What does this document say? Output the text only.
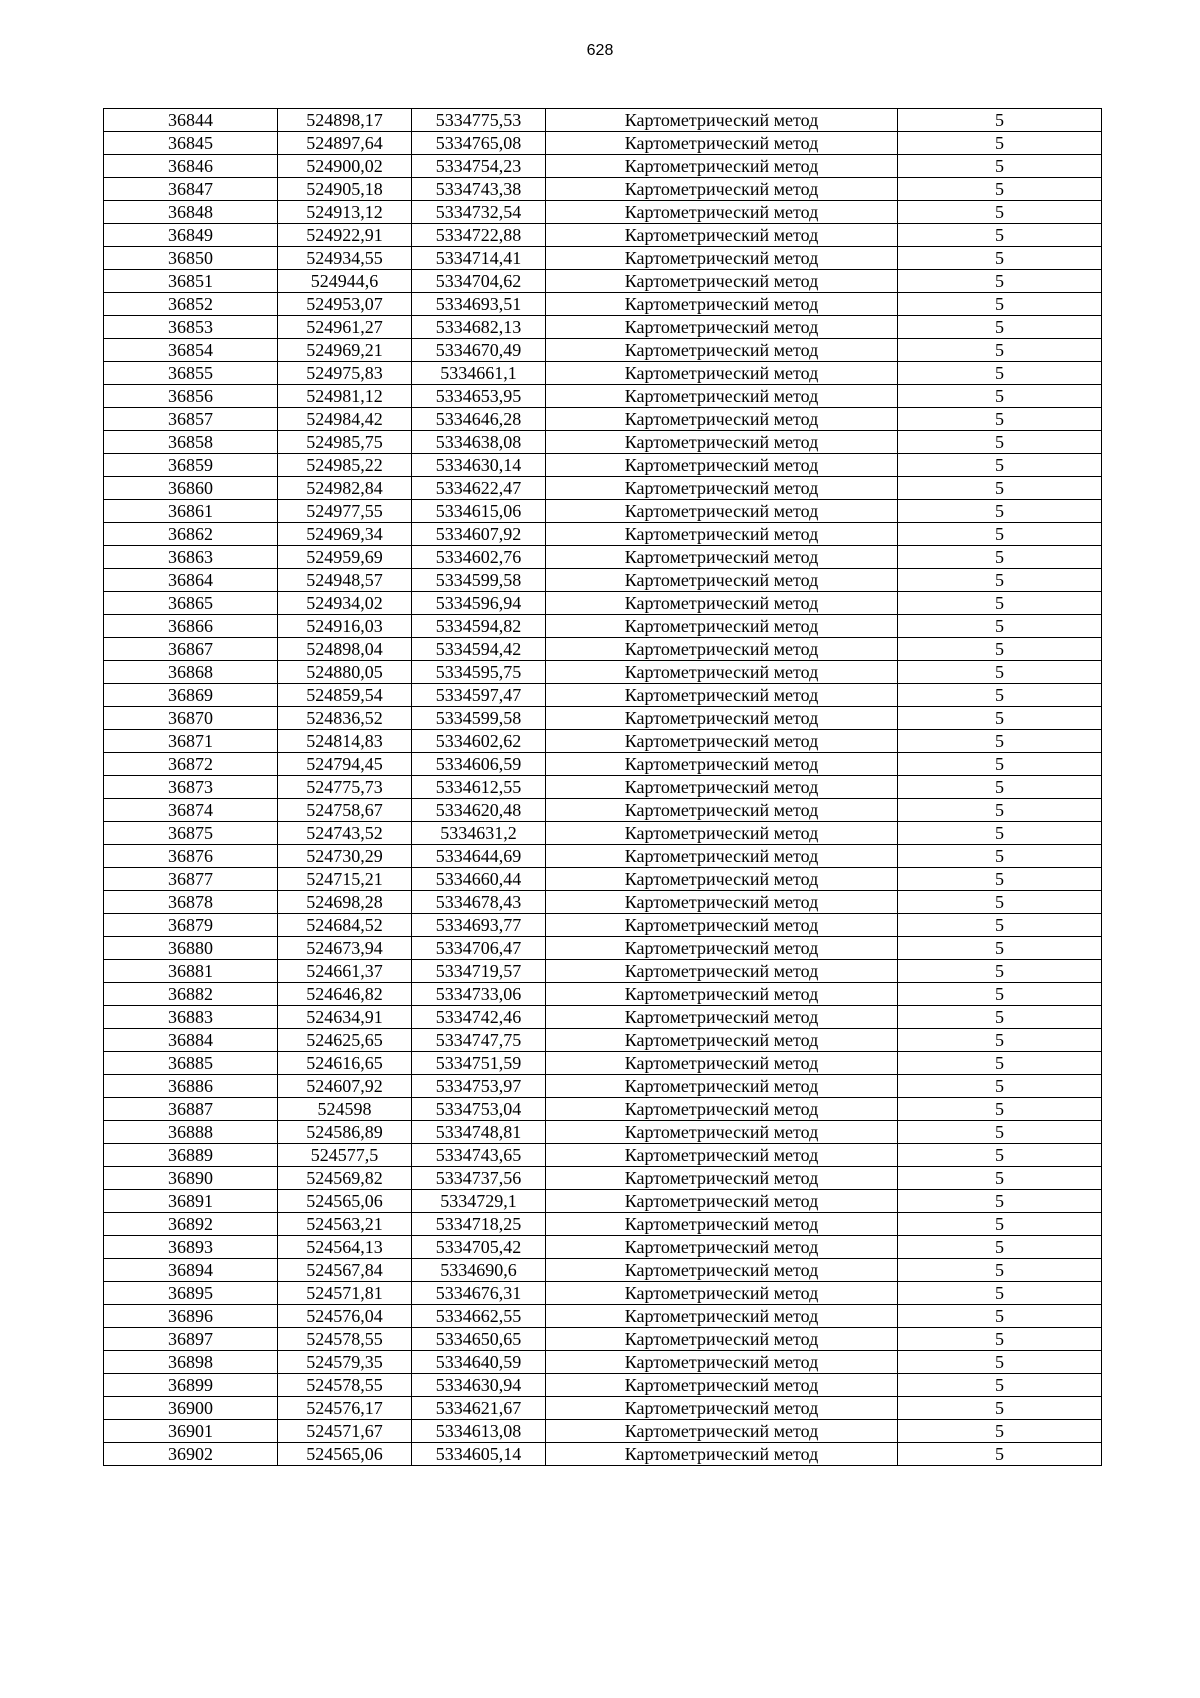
628
36844	524898,17	5334775,53	Картометрический метод	5
36845	524897,64	5334765,08	Картометрический метод	5
36846	524900,02	5334754,23	Картометрический метод	5
36847	524905,18	5334743,38	Картометрический метод	5
36848	524913,12	5334732,54	Картометрический метод	5
36849	524922,91	5334722,88	Картометрический метод	5
36850	524934,55	5334714,41	Картометрический метод	5
36851	524944,6	5334704,62	Картометрический метод	5
36852	524953,07	5334693,51	Картометрический метод	5
36853	524961,27	5334682,13	Картометрический метод	5
36854	524969,21	5334670,49	Картометрический метод	5
36855	524975,83	5334661,1	Картометрический метод	5
36856	524981,12	5334653,95	Картометрический метод	5
36857	524984,42	5334646,28	Картометрический метод	5
36858	524985,75	5334638,08	Картометрический метод	5
36859	524985,22	5334630,14	Картометрический метод	5
36860	524982,84	5334622,47	Картометрический метод	5
36861	524977,55	5334615,06	Картометрический метод	5
36862	524969,34	5334607,92	Картометрический метод	5
36863	524959,69	5334602,76	Картометрический метод	5
36864	524948,57	5334599,58	Картометрический метод	5
36865	524934,02	5334596,94	Картометрический метод	5
36866	524916,03	5334594,82	Картометрический метод	5
36867	524898,04	5334594,42	Картометрический метод	5
36868	524880,05	5334595,75	Картометрический метод	5
36869	524859,54	5334597,47	Картометрический метод	5
36870	524836,52	5334599,58	Картометрический метод	5
36871	524814,83	5334602,62	Картометрический метод	5
36872	524794,45	5334606,59	Картометрический метод	5
36873	524775,73	5334612,55	Картометрический метод	5
36874	524758,67	5334620,48	Картометрический метод	5
36875	524743,52	5334631,2	Картометрический метод	5
36876	524730,29	5334644,69	Картометрический метод	5
36877	524715,21	5334660,44	Картометрический метод	5
36878	524698,28	5334678,43	Картометрический метод	5
36879	524684,52	5334693,77	Картометрический метод	5
36880	524673,94	5334706,47	Картометрический метод	5
36881	524661,37	5334719,57	Картометрический метод	5
36882	524646,82	5334733,06	Картометрический метод	5
36883	524634,91	5334742,46	Картометрический метод	5
36884	524625,65	5334747,75	Картометрический метод	5
36885	524616,65	5334751,59	Картометрический метод	5
36886	524607,92	5334753,97	Картометрический метод	5
36887	524598	5334753,04	Картометрический метод	5
36888	524586,89	5334748,81	Картометрический метод	5
36889	524577,5	5334743,65	Картометрический метод	5
36890	524569,82	5334737,56	Картометрический метод	5
36891	524565,06	5334729,1	Картометрический метод	5
36892	524563,21	5334718,25	Картометрический метод	5
36893	524564,13	5334705,42	Картометрический метод	5
36894	524567,84	5334690,6	Картометрический метод	5
36895	524571,81	5334676,31	Картометрический метод	5
36896	524576,04	5334662,55	Картометрический метод	5
36897	524578,55	5334650,65	Картометрический метод	5
36898	524579,35	5334640,59	Картометрический метод	5
36899	524578,55	5334630,94	Картометрический метод	5
36900	524576,17	5334621,67	Картометрический метод	5
36901	524571,67	5334613,08	Картометрический метод	5
36902	524565,06	5334605,14	Картометрический метод	5
